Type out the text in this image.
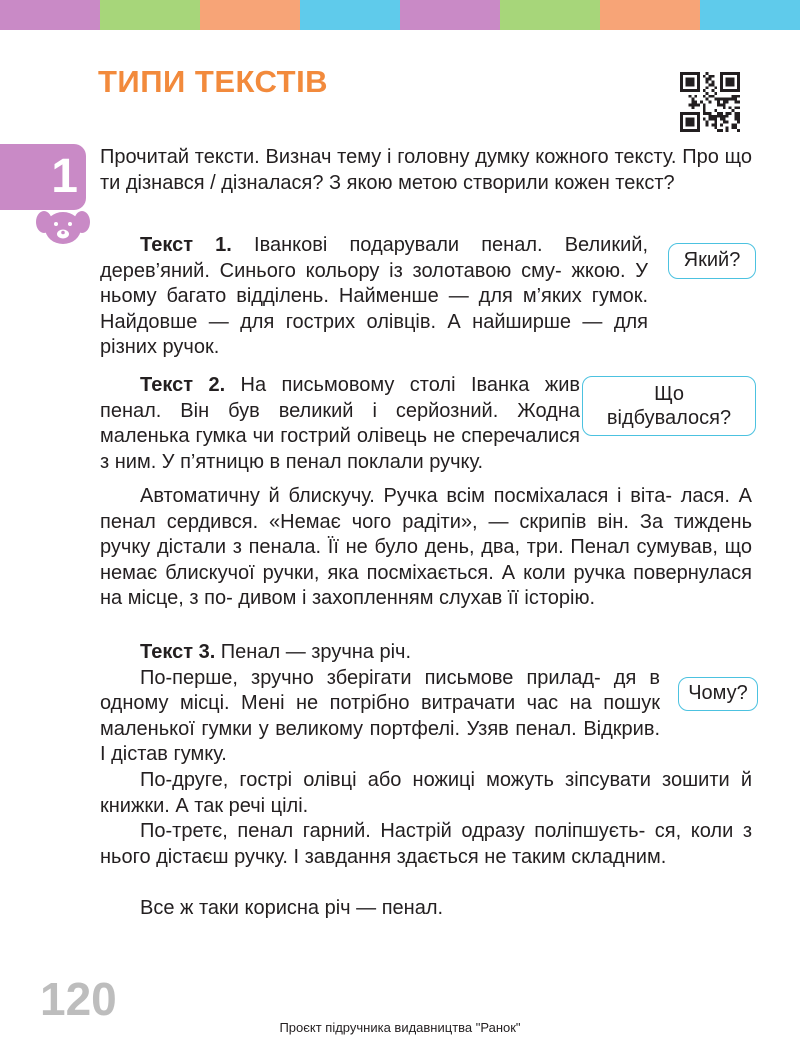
ТИПИ ТЕКСТІВ
1	Прочитай тексти. Визнач тему і головну думку кожного тексту. Про що ти дізнався / дізналася? З якою метою створили кожен текст?

Текст 1. Іванкові подарували пенал. Великий, дерев’яний. Синього кольору із золотавою сму- жкою. У ньому багато відділень. Найменше — для м’яких гумок. Найдовше — для гострих олівців. А найширше — для різних ручок.

Який?

Текст 2. На письмовому столі Іванка жив пенал. Він був великий і серйозний. Жодна маленька гумка чи гострий олівець не сперечалися з ним. У п’ятницю в пенал поклали ручку.

Що
відбувалося?

Автоматичну й блискучу. Ручка всім посміхалася і віта- лася. А пенал сердився. «Немає чого радіти», — скрипів він. За тиждень ручку дістали з пенала. Її не було день, два, три. Пенал сумував, що немає блискучої ручки, яка посміхається. А коли ручка повернулася на місце, з по- дивом і захопленням слухав її історію.

Текст 3. Пенал — зручна річ.

Чому?

По-перше, зручно зберігати письмове прилад- дя в одному місці. Мені не потрібно витрачати час на пошук маленької гумки у великому портфелі. Узяв пенал. Відкрив. І дістав гумку.

По-друге, гострі олівці або ножиці можуть зіпсувати зошити й книжки. А так речі цілі.

По-третє, пенал гарний. Настрій одразу поліпшуєть- ся, коли з нього дістаєш ручку. І завдання здається не таким складним.

Все ж таки корисна річ — пенал.

120
Проєкт підручника видавництва "Ранок"
